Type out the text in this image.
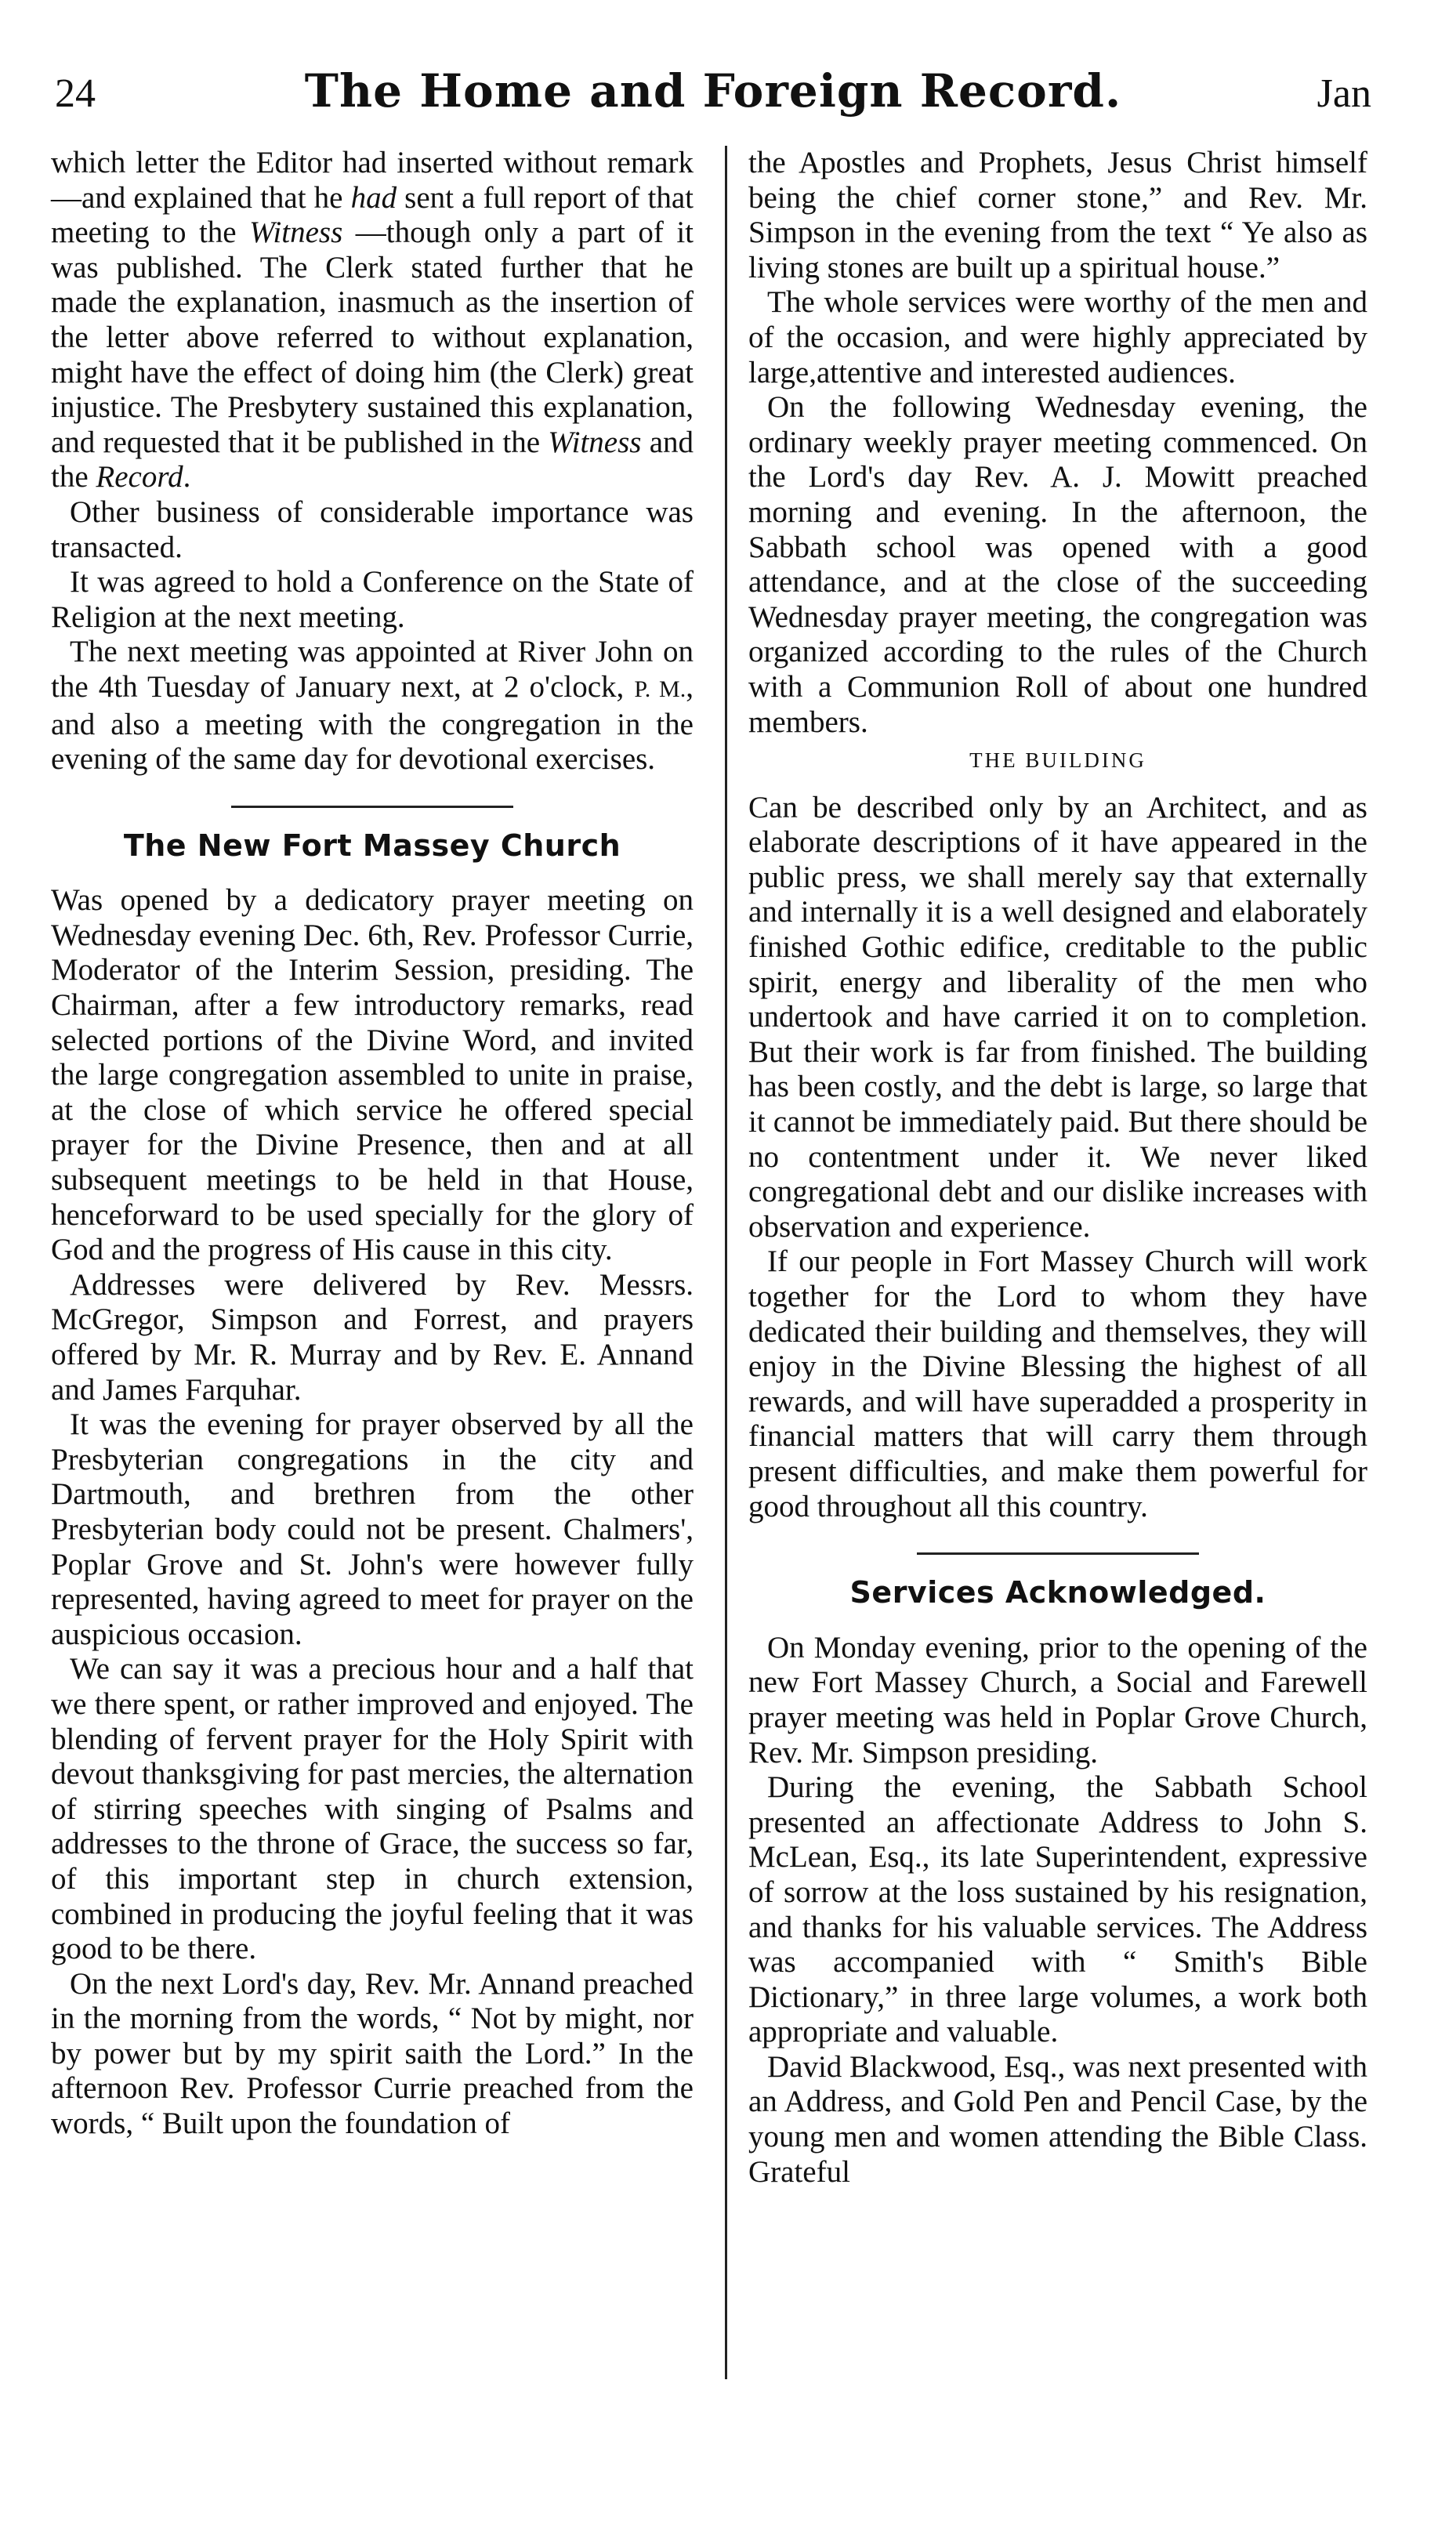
24	The Home and Foreign Record.	Jan

which letter the Editor had inserted without remark—and explained that he had sent a full report of that meeting to the Witness —though only a part of it was published. The Clerk stated further that he made the explanation, inasmuch as the insertion of the letter above referred to without explanation, might have the effect of doing him (the Clerk) great injustice. The Presbytery sustained this explanation, and requested that it be published in the Witness and the Record.

Other business of considerable importance was transacted.

It was agreed to hold a Conference on the State of Religion at the next meeting.

The next meeting was appointed at River John on the 4th Tuesday of January next, at 2 o'clock, P. M., and also a meeting with the congregation in the evening of the same day for devotional exercises.

The New Fort Massey Church

Was opened by a dedicatory prayer meeting on Wednesday evening Dec. 6th, Rev. Professor Currie, Moderator of the Interim Session, presiding. The Chairman, after a few introductory remarks, read selected portions of the Divine Word, and invited the large congregation assembled to unite in praise, at the close of which service he offered special prayer for the Divine Presence, then and at all subsequent meetings to be held in that House, henceforward to be used specially for the glory of God and the progress of His cause in this city.

Addresses were delivered by Rev. Messrs. McGregor, Simpson and Forrest, and prayers offered by Mr. R. Murray and by Rev. E. Annand and James Farquhar.

It was the evening for prayer observed by all the Presbyterian congregations in the city and Dartmouth, and brethren from the other Presbyterian body could not be present. Chalmers', Poplar Grove and St. John's were however fully represented, having agreed to meet for prayer on the auspicious occasion.

We can say it was a precious hour and a half that we there spent, or rather improved and enjoyed. The blending of fervent prayer for the Holy Spirit with devout thanksgiving for past mercies, the alternation of stirring speeches with singing of Psalms and addresses to the throne of Grace, the success so far, of this important step in church extension, combined in producing the joyful feeling that it was good to be there.

On the next Lord's day, Rev. Mr. Annand preached in the morning from the words, “ Not by might, nor by power but by my spirit saith the Lord.” In the afternoon Rev. Professor Currie preached from the words, “ Built upon the foundation of

the Apostles and Prophets, Jesus Christ himself being the chief corner stone,” and Rev. Mr. Simpson in the evening from the text “ Ye also as living stones are built up a spiritual house.”

The whole services were worthy of the men and of the occasion, and were highly appreciated by large,attentive and interested audiences.

On the following Wednesday evening, the ordinary weekly prayer meeting commenced. On the Lord's day Rev. A. J. Mowitt preached morning and evening. In the afternoon, the Sabbath school was opened with a good attendance, and at the close of the succeeding Wednesday prayer meeting, the congregation was organized according to the rules of the Church with a Communion Roll of about one hundred members.

THE BUILDING

Can be described only by an Architect, and as elaborate descriptions of it have appeared in the public press, we shall merely say that externally and internally it is a well designed and elaborately finished Gothic edifice, creditable to the public spirit, energy and liberality of the men who undertook and have carried it on to completion. But their work is far from finished. The building has been costly, and the debt is large, so large that it cannot be immediately paid. But there should be no contentment under it. We never liked congregational debt and our dislike increases with observation and experience.

If our people in Fort Massey Church will work together for the Lord to whom they have dedicated their building and themselves, they will enjoy in the Divine Blessing the highest of all rewards, and will have superadded a prosperity in financial matters that will carry them through present difficulties, and make them powerful for good throughout all this country.

Services Acknowledged.

On Monday evening, prior to the opening of the new Fort Massey Church, a Social and Farewell prayer meeting was held in Poplar Grove Church, Rev. Mr. Simpson presiding.

During the evening, the Sabbath School presented an affectionate Address to John S. McLean, Esq., its late Superintendent, expressive of sorrow at the loss sustained by his resignation, and thanks for his valuable services. The Address was accompanied with “ Smith's Bible Dictionary,” in three large volumes, a work both appropriate and valuable.

David Blackwood, Esq., was next presented with an Address, and Gold Pen and Pencil Case, by the young men and women attending the Bible Class. Grateful
